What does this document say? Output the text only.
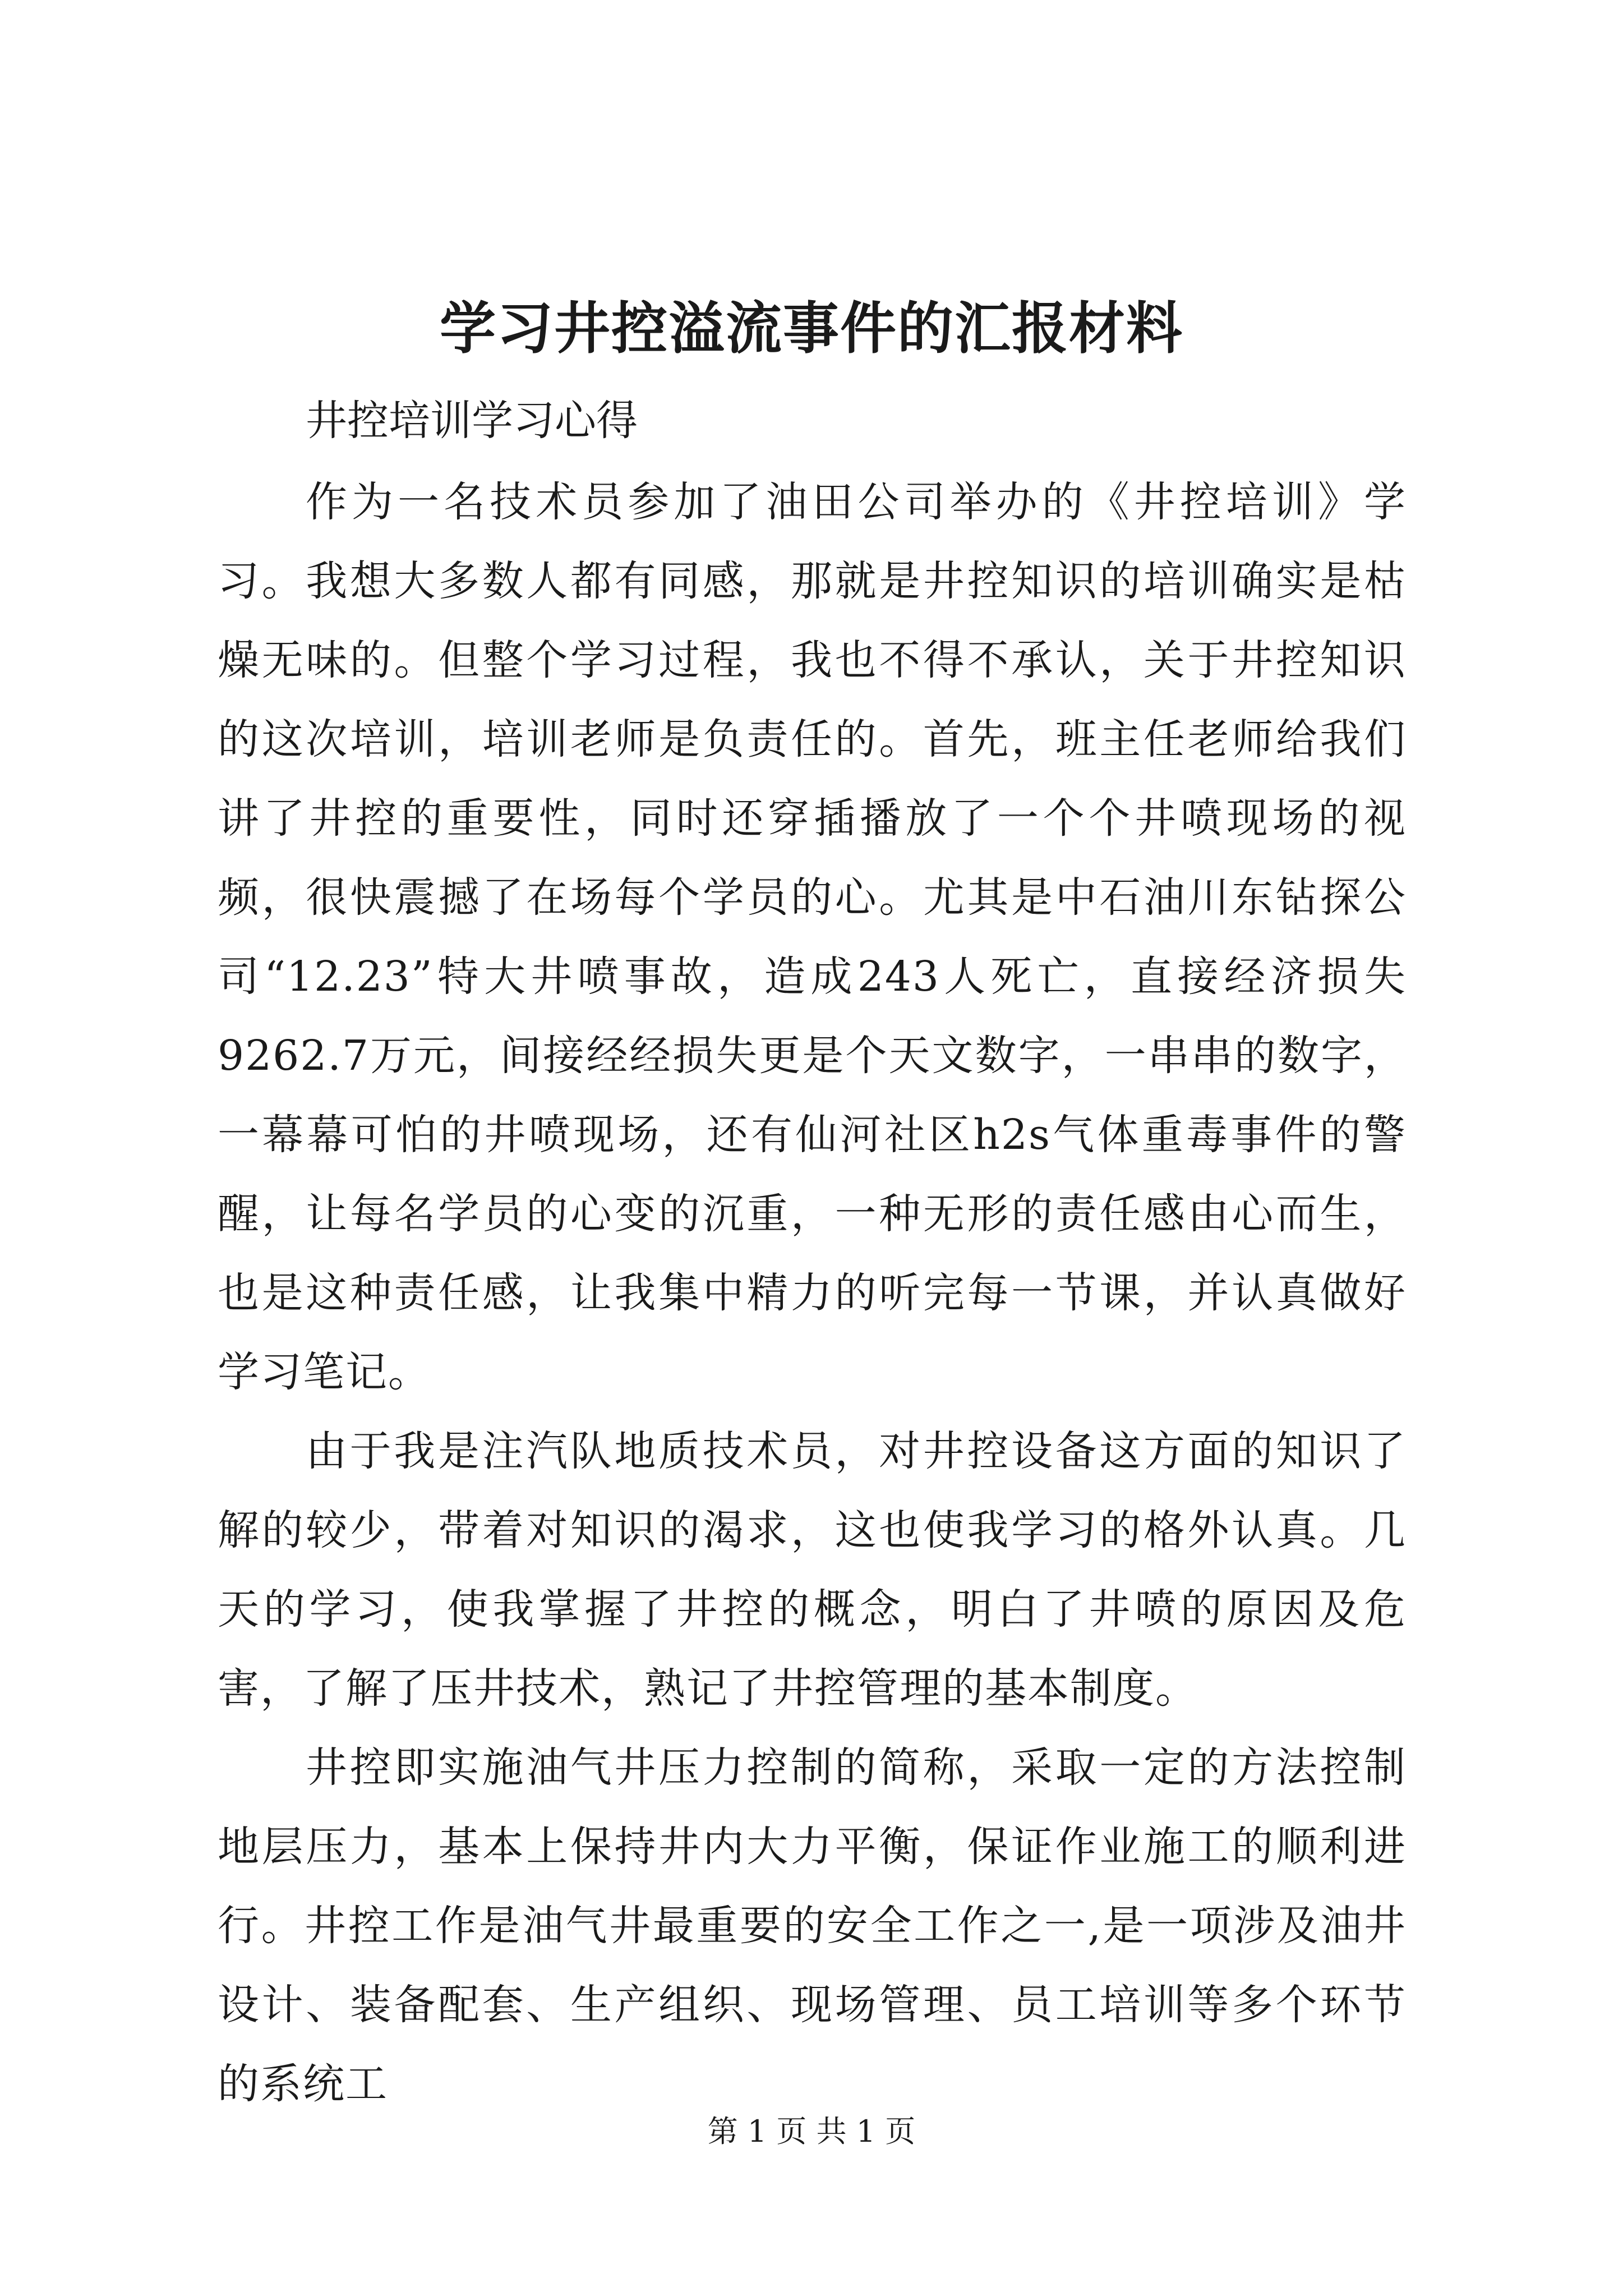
学习井控溢流事件的汇报材料

井控培训学习心得

作为一名技术员参加了油田公司举办的《井控培训》学习。我想大多数人都有同感，那就是井控知识的培训确实是枯燥无味的。但整个学习过程，我也不得不承认，关于井控知识的这次培训，培训老师是负责任的。首先，班主任老师给我们讲了井控的重要性，同时还穿插播放了一个个井喷现场的视频，很快震撼了在场每个学员的心。尤其是中石油川东钻探公司“12.23”特大井喷事故，造成243人死亡，直接经济损失9262.7万元，间接经经损失更是个天文数字，一串串的数字，一幕幕可怕的井喷现场，还有仙河社区h2s气体重毒事件的警醒，让每名学员的心变的沉重，一种无形的责任感由心而生，也是这种责任感，让我集中精力的听完每一节课，并认真做好学习笔记。

由于我是注汽队地质技术员，对井控设备这方面的知识了解的较少，带着对知识的渴求，这也使我学习的格外认真。几天的学习，使我掌握了井控的概念，明白了井喷的原因及危害，了解了压井技术，熟记了井控管理的基本制度。

井控即实施油气井压力控制的简称，采取一定的方法控制地层压力，基本上保持井内大力平衡，保证作业施工的顺利进行。井控工作是油气井最重要的安全工作之一,是一项涉及油井设计、装备配套、生产组织、现场管理、员工培训等多个环节的系统工

第 1 页 共 1 页
